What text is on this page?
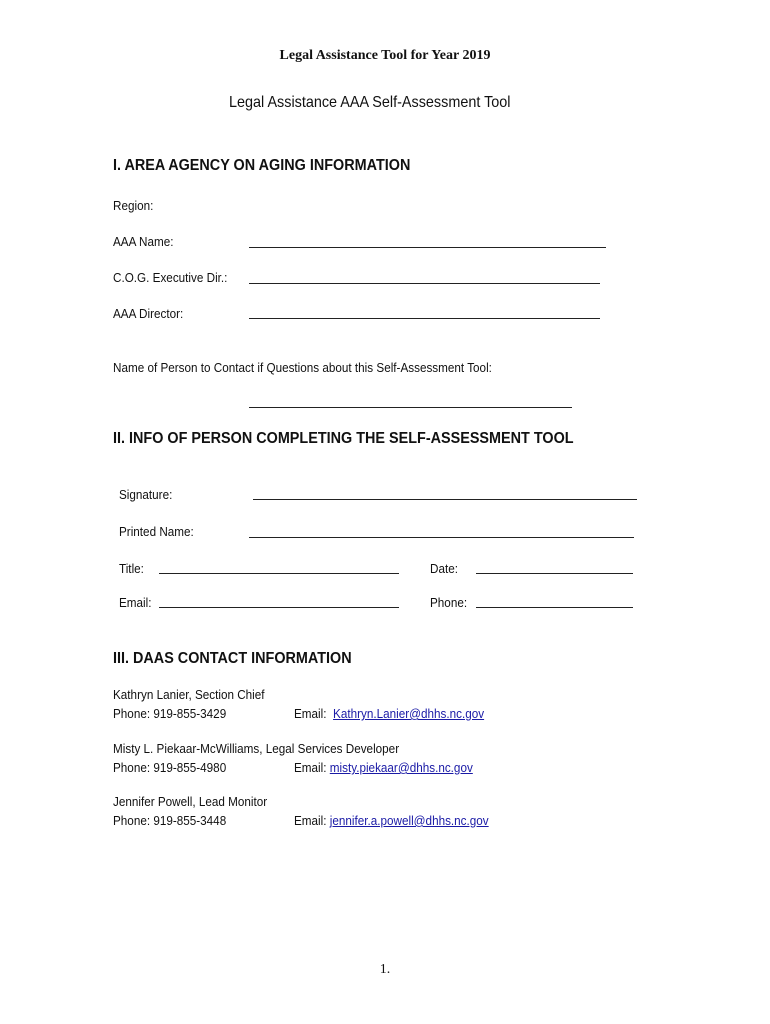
Legal Assistance Tool for Year 2019
Legal Assistance AAA Self-Assessment Tool
I. AREA AGENCY ON AGING INFORMATION
Region:
AAA Name:
C.O.G. Executive Dir.:
AAA Director:
Name of Person to Contact if Questions about this Self-Assessment Tool:
II. INFO OF PERSON COMPLETING THE SELF-ASSESSMENT TOOL
Signature:
Printed Name:
Title:	Date:
Email:	Phone:
III. DAAS CONTACT INFORMATION
Kathryn Lanier, Section Chief
Phone: 919-855-3429	Email: Kathryn.Lanier@dhhs.nc.gov
Misty L. Piekaar-McWilliams, Legal Services Developer
Phone: 919-855-4980	Email: misty.piekaar@dhhs.nc.gov
Jennifer Powell, Lead Monitor
Phone: 919-855-3448	Email: jennifer.a.powell@dhhs.nc.gov
1.
